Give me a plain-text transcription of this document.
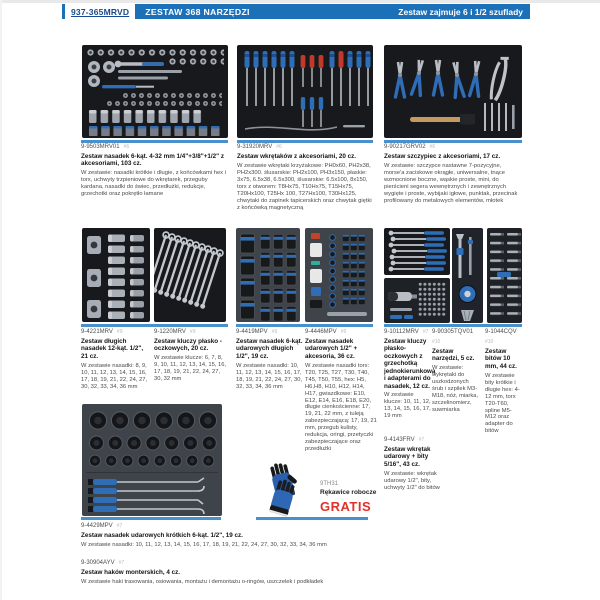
937-365MRVD ZESTAW 368 NARZĘDZI	Zestaw zajmuje 6 i 1/2 szuflady
9-9503MRV01 #6
Zestaw nasadek 6-kąt. 4-32 mm 1/4"+3/8"+1/2" z akcesoriami, 103 cz.
W zestawie: nasadki krótkie i długie, z końcówkami hex i torx, uchwyty trzpieniowe do wkrętarek, przeguby kardana, nasadki do świec, przedłużki, redukcje, grzechotki oraz pokrętło łamane
9-31920MRV #6
Zestaw wkrętaków z akcesoriami, 20 cz.
W zestawie wkrętaki krzyżakowe: PH0x60, PH2x38, PH2x300. ślusarskie: PH2x100, PH3x150, płaskie: 3x75, 6.5x38, 6.5x300, ślusarskie: 6.5x100, 8x150, torx z otworem: T8Hx75, T10Hx75, T15Hx75, T20Hx100, T25Hx 100, T27Hx100, T30Hx125, chwytaki do zapinek tapicerskich oraz chwytak giętki z końcówką magnetyczną
9-90217GRV02 #6
Zestaw szczypiec z akcesoriami, 17 cz.
W zestawie: szczypce nastawne 7-pozycyjne, morse'a zaciskowe okrągłe, uniwersalne, tnące wzmocnione boczne, wąskie proste, mini, do pierścieni segera wewnętrznych i zewnętrznych wygięte i proste, wybijaki igłowe, punktak, przecinak profilowany do metalowych elementów, młotek
9-4221MRV #9
Zestaw długich nasadek 12-kąt. 1/2", 21 cz.
W zestawie nasadki: 8, 9, 10, 11, 12, 13, 14, 15, 16, 17, 18, 19, 21, 22, 24, 27, 30, 32, 33, 34, 36 mm
9-1220MRV #9
Zestaw kluczy płasko - oczkowych, 20 cz.
W zestawie klucze: 6, 7, 8, 9, 10, 11, 12, 13, 14, 15, 16, 17, 18, 19, 21, 22, 24, 27, 30, 32 mm
9-4419MPV #9
Zestaw nasadek 6-kąt. udarowych długich 1/2", 19 cz.
W zestawie nasadki: 10, 11, 12, 13, 14, 15, 16, 17, 18, 19, 21, 22, 24, 27, 30, 32, 33, 34, 36 mm
9-4446MPV #9
Zestaw nasadek udarowych 1/2" + akcesoria, 36 cz.
W zestawie nasadki torx: T20, T25, T27, T30, T40, T45, T50, T55, hex: H5, H6,H8, H10, H12, H14, H17, gwiazdkowe: E10, E12, E14, E16, E18, E20, długie cienkościenne: 17, 19, 21, 22 mm, z tuleją zabezpieczającą: 17, 19, 21 mm, przegub kulisty, redukcja, oringi, przetyczki zabezpieczające oraz przedłużki
9-10112MRV #7
Zestaw kluczy płasko-oczkowych z grzechotką jednokierunkową i adapterami do nasadek, 12 cz.
W zestawie klucze: 10, 11, 12, 13, 14, 15, 16, 17, 19 mm
9-90305TQV01
#10
Zestaw narzędzi, 5 cz.
W zestawie: wykrętaki do uszkodzonych śrub i szpilek M3-M18, nóż, miarka, szczelinomierz, suwmiarka
9-1044CQV
#10
Zestaw bitów 10 mm, 44 cz.
W zestawie bity krótkie i długie hex: 4-12 mm, torx T20-T60, spline M5-M12 oraz adapter do bitów
9-4143FRV #7
Zestaw wkrętak udarowy + bity 5/16", 43 cz.
W zestawie: wkrętak udarowy 1/2", bity, uchwyty 1/2" do bitów
9TH31
Rękawice robocze
GRATIS
9-4429MPV #7
Zestaw nasadek udarowych krótkich 6-kąt. 1/2", 19 cz.
W zestawie nasadki: 10, 11, 12, 13, 14, 15, 16, 17, 18, 19, 21, 22, 24, 27, 30, 32, 33, 34, 36 mm
9-30904AYV #7
Zestaw haków monterskich, 4 cz.
W zestawie haki trasowania, osiowania, montażu i demontażu o-ringów, uszczelek i podkładek
